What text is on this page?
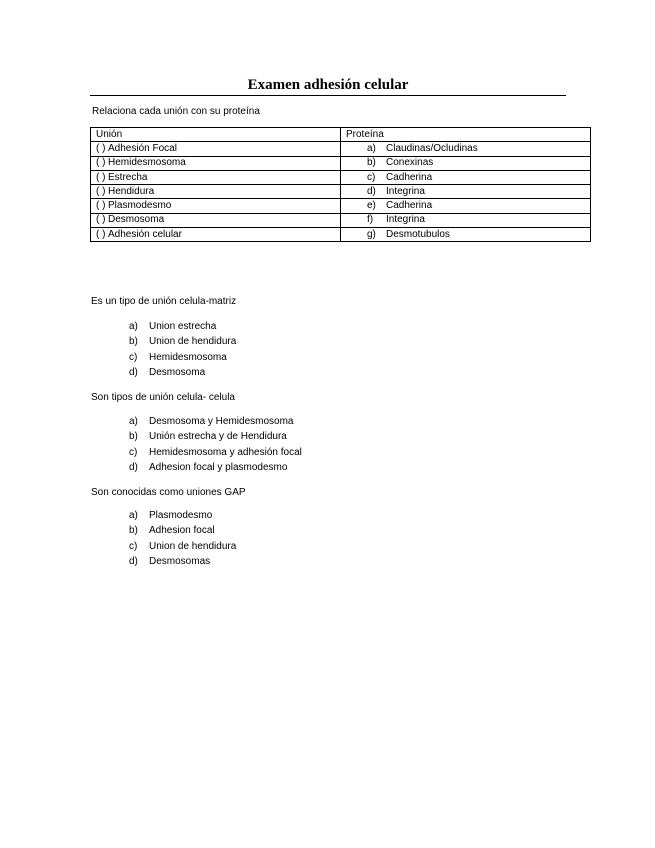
Examen adhesión celular
Relaciona cada unión con su proteína
Unión	Proteína
( ) Adhesión Focal	a) Claudinas/Ocludinas
( ) Hemidesmosoma	b) Conexinas
( ) Estrecha	c) Cadherina
( ) Hendidura	d) Integrina
( ) Plasmodesmo	e) Cadherina
( ) Desmosoma	f) Integrina
( ) Adhesión celular	g) Desmotubulos
Es un tipo de unión celula-matriz
a) Union estrecha
b) Union de hendidura
c) Hemidesmosoma
d) Desmosoma
Son tipos de unión celula- celula
a) Desmosoma y Hemidesmosoma
b) Unión estrecha y de Hendidura
c) Hemidesmosoma y adhesión focal
d) Adhesion focal y plasmodesmo
Son conocidas como uniones GAP
a) Plasmodesmo
b) Adhesion focal
c) Union de hendidura
d) Desmosomas
